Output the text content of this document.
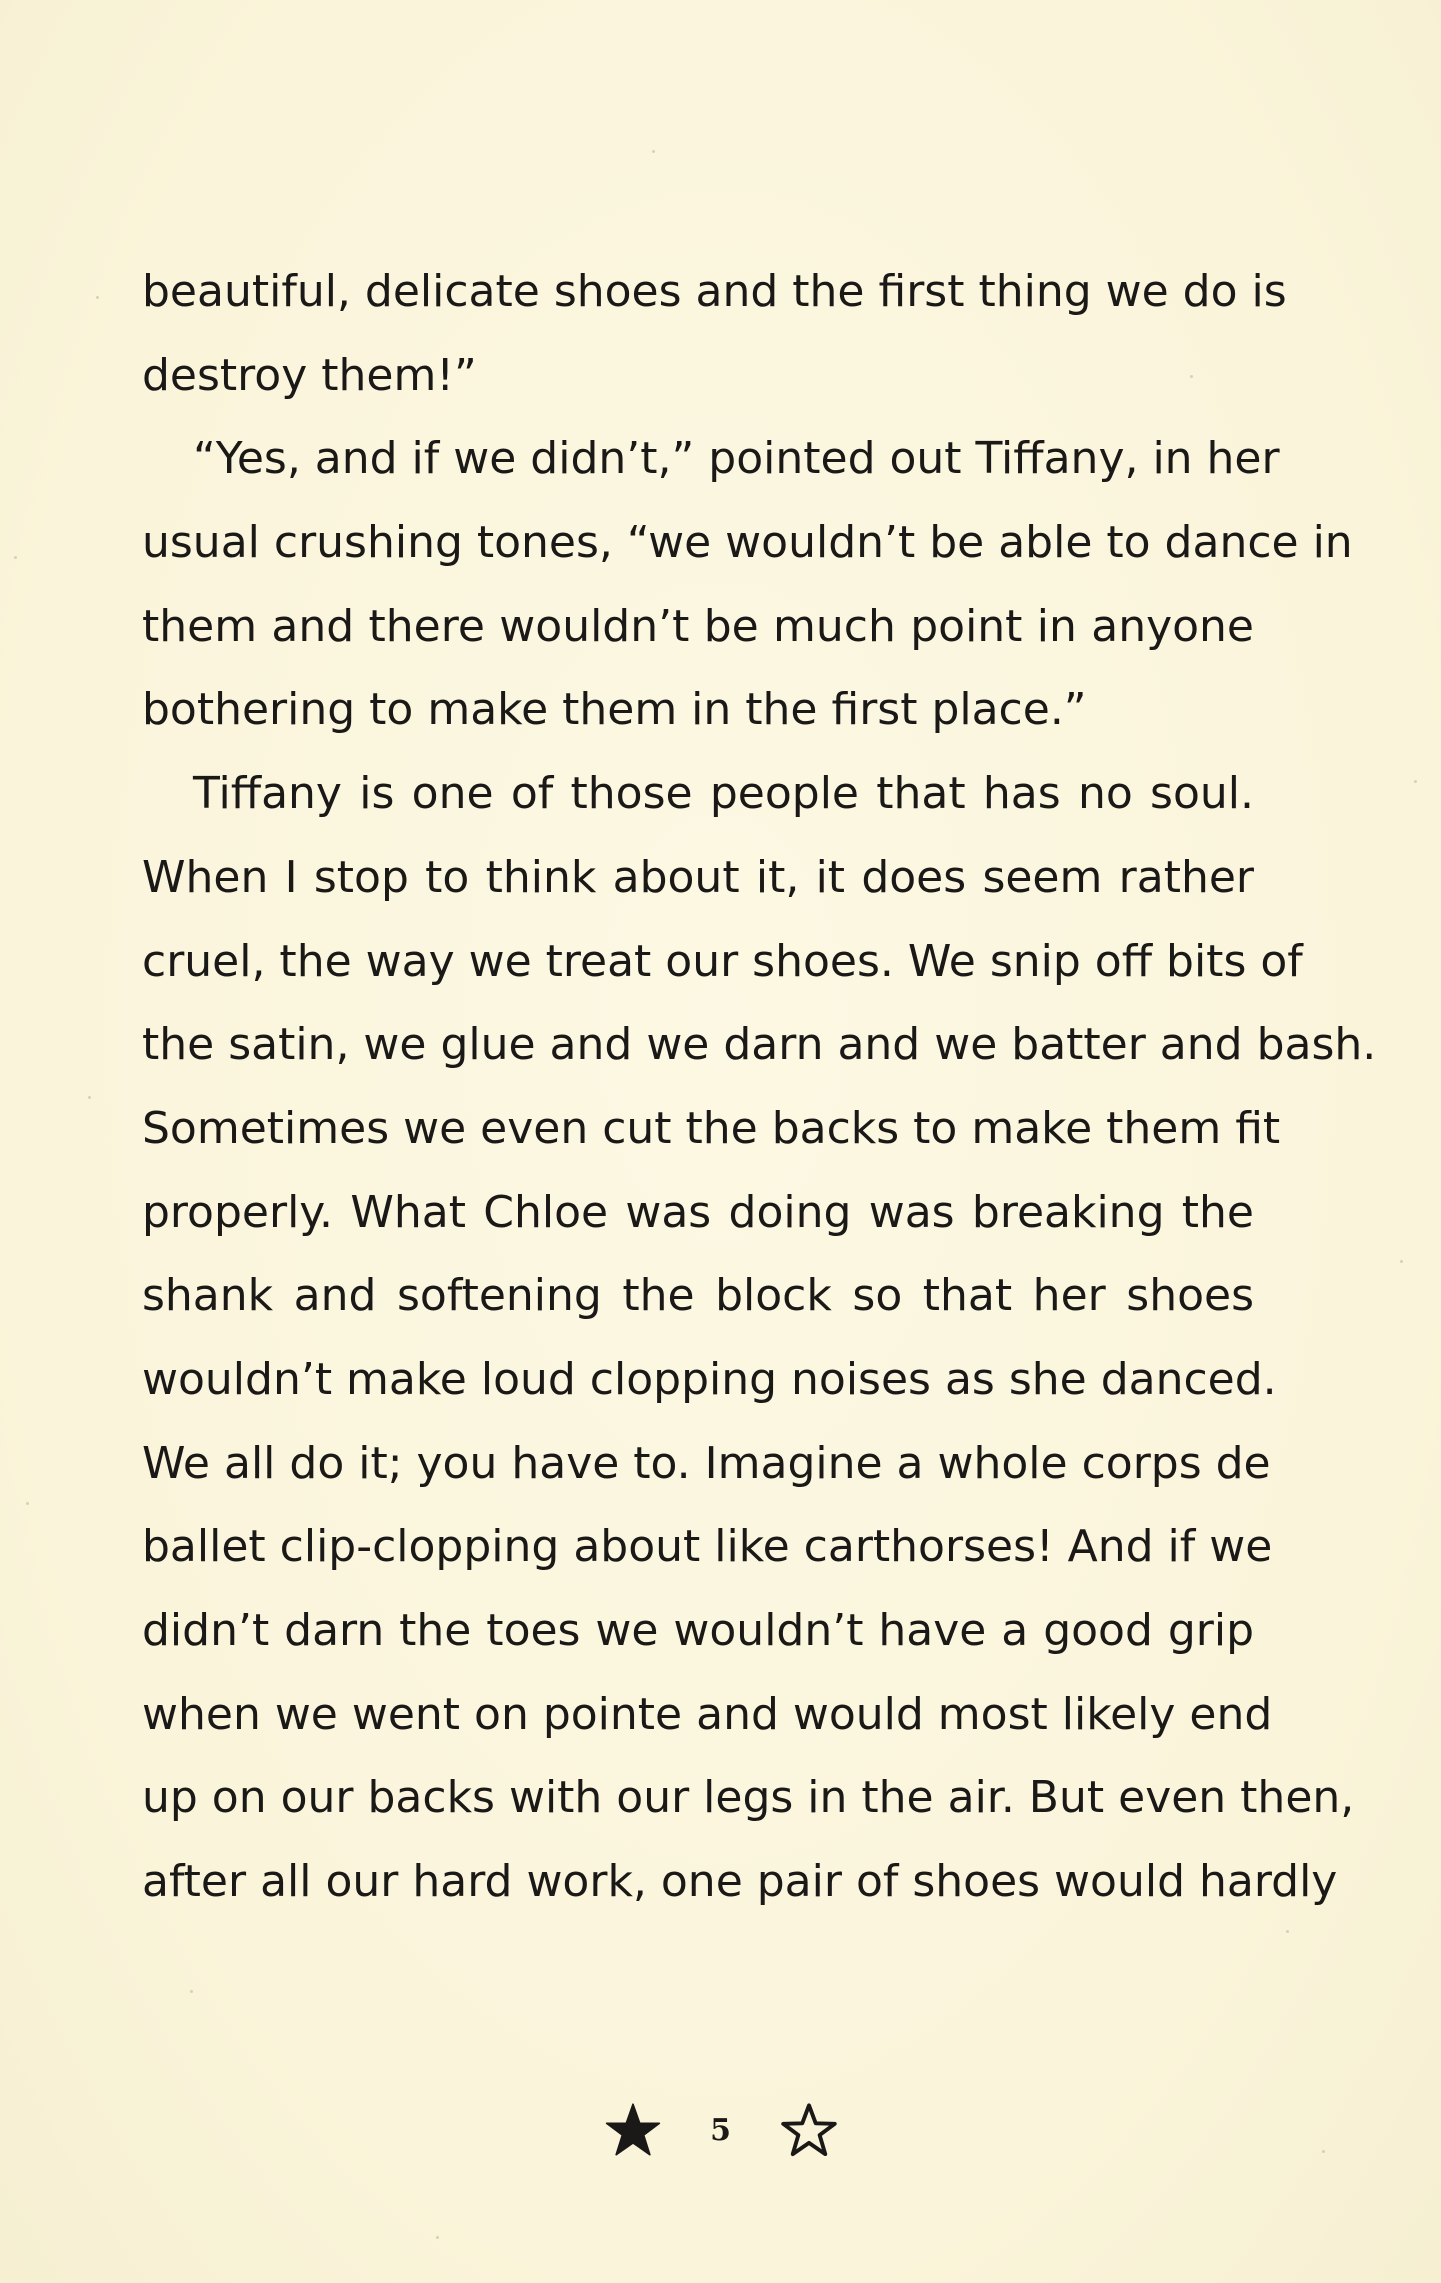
beautiful, delicate shoes and the first thing we do is
destroy them!”
“Yes, and if we didn’t,” pointed out Tiffany, in her
usual crushing tones, “we wouldn’t be able to dance in
them and there wouldn’t be much point in anyone
bothering to make them in the first place.”
Tiffany is one of those people that has no soul.
When I stop to think about it, it does seem rather
cruel, the way we treat our shoes. We snip off bits of
the satin, we glue and we darn and we batter and bash.
Sometimes we even cut the backs to make them fit
properly. What Chloe was doing was breaking the
shank and softening the block so that her shoes
wouldn’t make loud clopping noises as she danced.
We all do it; you have to. Imagine a whole corps de
ballet clip-clopping about like carthorses! And if we
didn’t darn the toes we wouldn’t have a good grip
when we went on pointe and would most likely end
up on our backs with our legs in the air. But even then,
after all our hard work, one pair of shoes would hardly
5
